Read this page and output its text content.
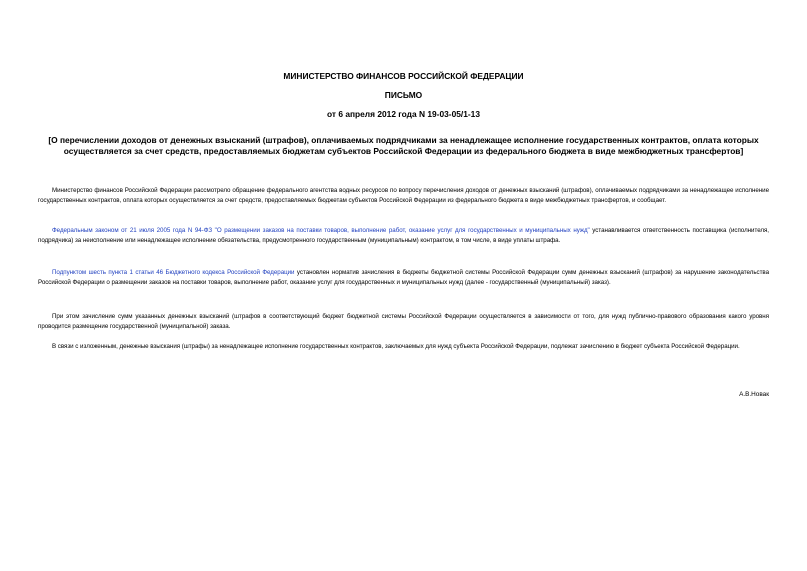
МИНИСТЕРСТВО ФИНАНСОВ РОССИЙСКОЙ ФЕДЕРАЦИИ

ПИСЬМО

от 6 апреля 2012 года N 19-03-05/1-13

[О перечислении доходов от денежных взысканий (штрафов), оплачиваемых подрядчиками за ненадлежащее исполнение государственных контрактов, оплата которых осуществляется за счет средств, предоставляемых бюджетам субъектов Российской Федерации из федерального бюджета в виде межбюджетных трансфертов]

Министерство финансов Российской Федерации рассмотрело обращение федерального агентства водных ресурсов по вопросу перечисления доходов от денежных взысканий (штрафов), оплачиваемых подрядчиками за ненадлежащее исполнение государственных контрактов, оплата которых осуществляется за счет средств, предоставляемых бюджетам субъектов Российской Федерации из федерального бюджета в виде межбюджетных трансфертов, и сообщает.

Федеральным законом от 21 июля 2005 года N 94-ФЗ "О размещении заказов на поставки товаров, выполнение работ, оказание услуг для государственных и муниципальных нужд" устанавливается ответственность поставщика (исполнителя, подрядчика) за неисполнение или ненадлежащее исполнение обязательства, предусмотренного государственным (муниципальным) контрактом, в том числе, в виде уплаты штрафа.

Подпунктом шесть пункта 1 статьи 46 Бюджетного кодекса Российской Федерации установлен норматив зачисления в бюджеты бюджетной системы Российской Федерации сумм денежных взысканий (штрафов) за нарушение законодательства Российской Федерации о размещении заказов на поставки товаров, выполнение работ, оказание услуг для государственных и муниципальных нужд (далее - государственный (муниципальный) заказ).

При этом зачисление сумм указанных денежных взысканий (штрафов в соответствующий бюджет бюджетной системы Российской Федерации осуществляется в зависимости от того, для нужд публично-правового образования какого уровня проводится размещение государственной (муниципальной) заказа.

В связи с изложенным, денежные взыскания (штрафы) за ненадлежащее исполнение государственных контрактов, заключаемых для нужд субъекта Российской Федерации, подлежат зачислению в бюджет субъекта Российской Федерации.

А.В.Новак
